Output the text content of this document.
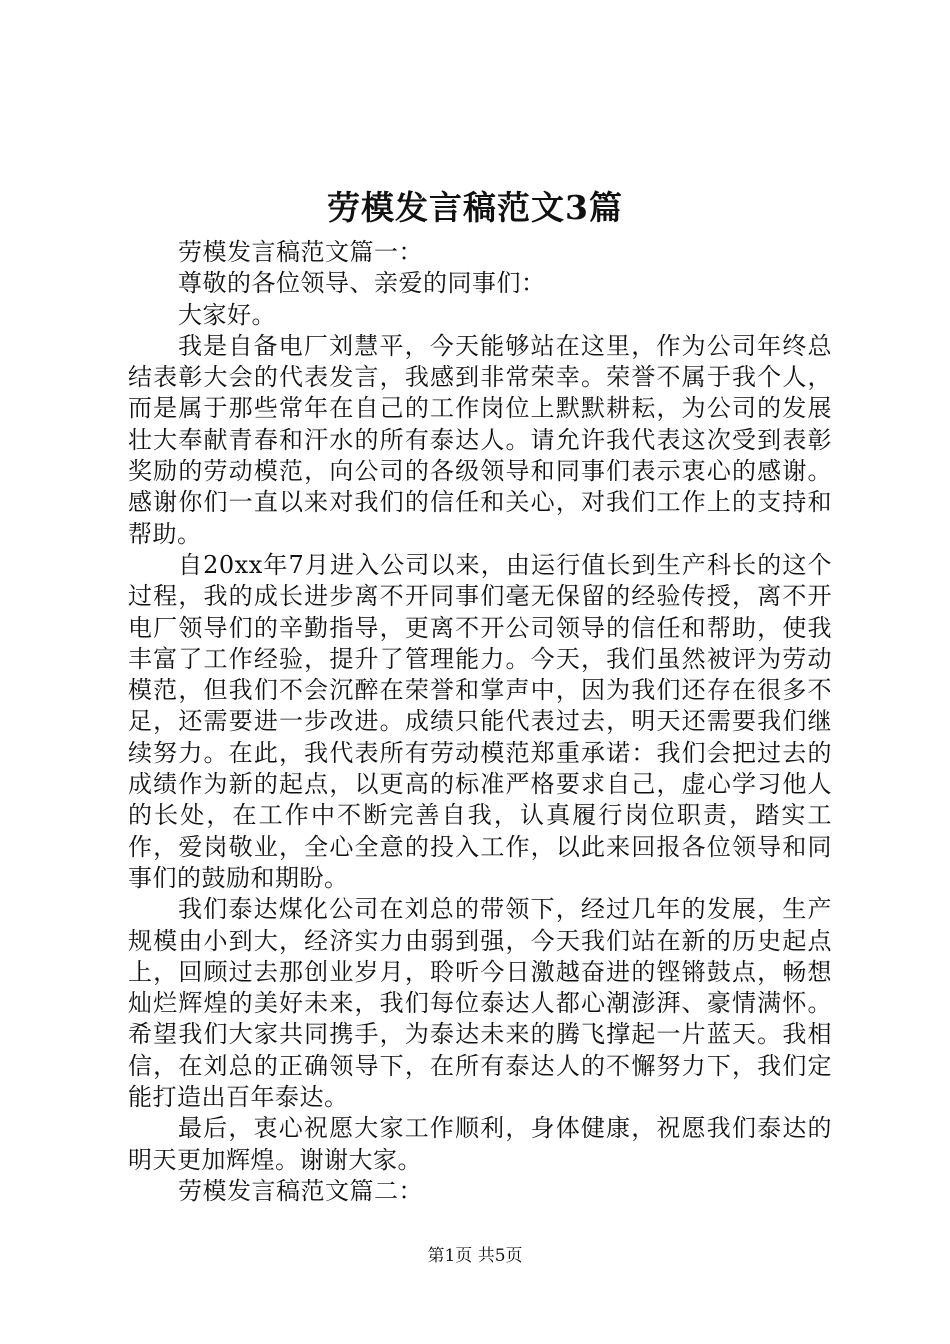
劳模发言稿范文3篇

劳模发言稿范文篇一：

尊敬的各位领导、亲爱的同事们：

大家好。

我是自备电厂刘慧平，今天能够站在这里，作为公司年终总结表彰大会的代表发言，我感到非常荣幸。荣誉不属于我个人，而是属于那些常年在自己的工作岗位上默默耕耘，为公司的发展壮大奉献青春和汗水的所有泰达人。请允许我代表这次受到表彰奖励的劳动模范，向公司的各级领导和同事们表示衷心的感谢。感谢你们一直以来对我们的信任和关心，对我们工作上的支持和帮助。

自20xx年7月进入公司以来，由运行值长到生产科长的这个过程，我的成长进步离不开同事们毫无保留的经验传授，离不开电厂领导们的辛勤指导，更离不开公司领导的信任和帮助，使我丰富了工作经验，提升了管理能力。今天，我们虽然被评为劳动模范，但我们不会沉醉在荣誉和掌声中，因为我们还存在很多不足，还需要进一步改进。成绩只能代表过去，明天还需要我们继续努力。在此，我代表所有劳动模范郑重承诺：我们会把过去的成绩作为新的起点，以更高的标准严格要求自己，虚心学习他人的长处，在工作中不断完善自我，认真履行岗位职责，踏实工作，爱岗敬业，全心全意的投入工作，以此来回报各位领导和同事们的鼓励和期盼。

我们泰达煤化公司在刘总的带领下，经过几年的发展，生产规模由小到大，经济实力由弱到强，今天我们站在新的历史起点上，回顾过去那创业岁月，聆听今日激越奋进的铿锵鼓点，畅想灿烂辉煌的美好未来，我们每位泰达人都心潮澎湃、豪情满怀。希望我们大家共同携手，为泰达未来的腾飞撑起一片蓝天。我相信，在刘总的正确领导下，在所有泰达人的不懈努力下，我们定能打造出百年泰达。

最后，衷心祝愿大家工作顺利，身体健康，祝愿我们泰达的明天更加辉煌。谢谢大家。

劳模发言稿范文篇二：

第1页 共5页
